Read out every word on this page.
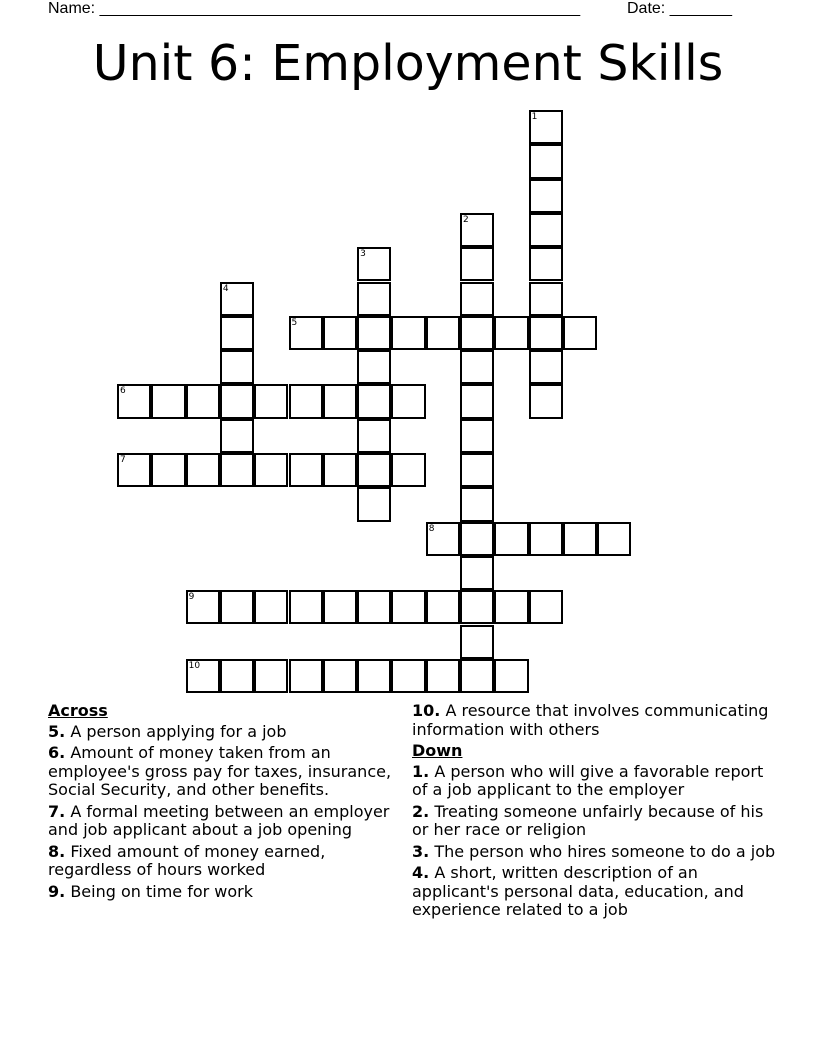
Name: ______________________________________________________	Date: _______
Unit 6: Employment Skills
5
6
7
8
9
10
1
2
3
4
Across
5. A person applying for a job
6. Amount of money taken from an employee's gross pay for taxes, insurance, Social Security, and other benefits.
7. A formal meeting between an employer and job applicant about a job opening
8. Fixed amount of money earned, regardless of hours worked
9. Being on time for work
10. A resource that involves communicating information with others
Down
1. A person who will give a favorable report of a job applicant to the employer
2. Treating someone unfairly because of his or her race or religion
3. The person who hires someone to do a job
4. A short, written description of an applicant's personal data, education, and experience related to a job
